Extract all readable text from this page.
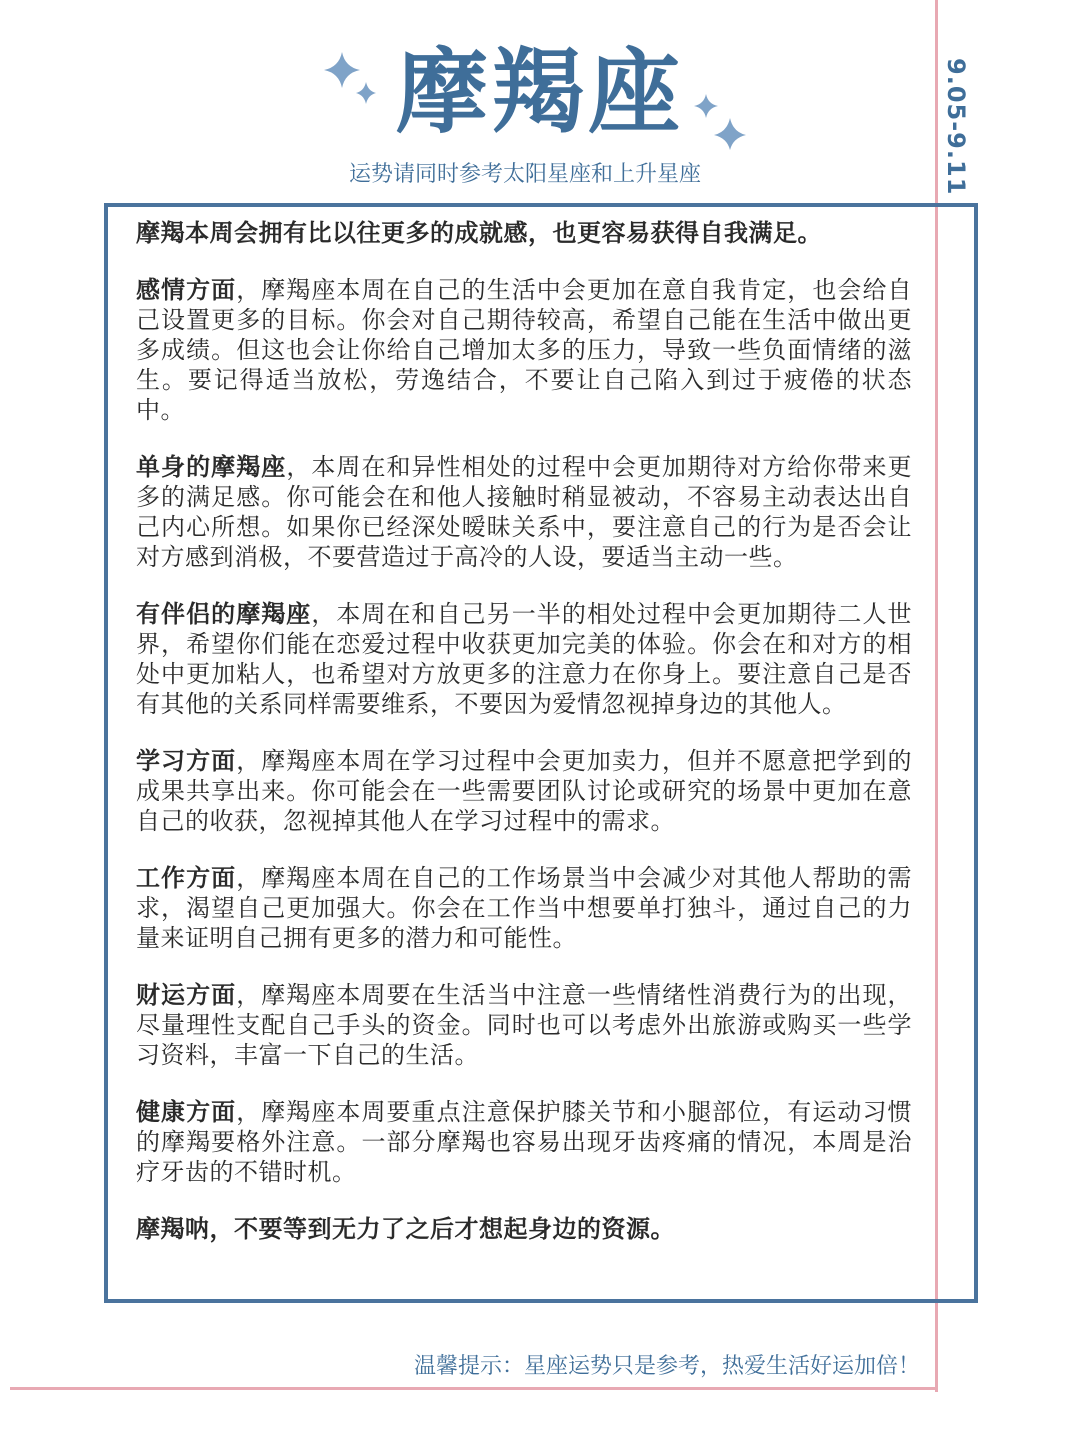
摩羯座
运势请同时参考太阳星座和上升星座	9.05-9.11

摩羯本周会拥有比以往更多的成就感，也更容易获得自我满足。

感情方面，摩羯座本周在自己的生活中会更加在意自我肯定，也会给自己设置更多的目标。你会对自己期待较高，希望自己能在生活中做出更多成绩。但这也会让你给自己增加太多的压力，导致一些负面情绪的滋生。要记得适当放松，劳逸结合，不要让自己陷入到过于疲倦的状态中。

单身的摩羯座，本周在和异性相处的过程中会更加期待对方给你带来更多的满足感。你可能会在和他人接触时稍显被动，不容易主动表达出自己内心所想。如果你已经深处暧昧关系中，要注意自己的行为是否会让对方感到消极，不要营造过于高冷的人设，要适当主动一些。

有伴侣的摩羯座，本周在和自己另一半的相处过程中会更加期待二人世界，希望你们能在恋爱过程中收获更加完美的体验。你会在和对方的相处中更加粘人，也希望对方放更多的注意力在你身上。要注意自己是否有其他的关系同样需要维系，不要因为爱情忽视掉身边的其他人。

学习方面，摩羯座本周在学习过程中会更加卖力，但并不愿意把学到的成果共享出来。你可能会在一些需要团队讨论或研究的场景中更加在意自己的收获，忽视掉其他人在学习过程中的需求。

工作方面，摩羯座本周在自己的工作场景当中会减少对其他人帮助的需求，渴望自己更加强大。你会在工作当中想要单打独斗，通过自己的力量来证明自己拥有更多的潜力和可能性。

财运方面，摩羯座本周要在生活当中注意一些情绪性消费行为的出现，尽量理性支配自己手头的资金。同时也可以考虑外出旅游或购买一些学习资料，丰富一下自己的生活。

健康方面，摩羯座本周要重点注意保护膝关节和小腿部位，有运动习惯的摩羯要格外注意。一部分摩羯也容易出现牙齿疼痛的情况，本周是治疗牙齿的不错时机。

摩羯呐，不要等到无力了之后才想起身边的资源。

温馨提示：星座运势只是参考，热爱生活好运加倍！
